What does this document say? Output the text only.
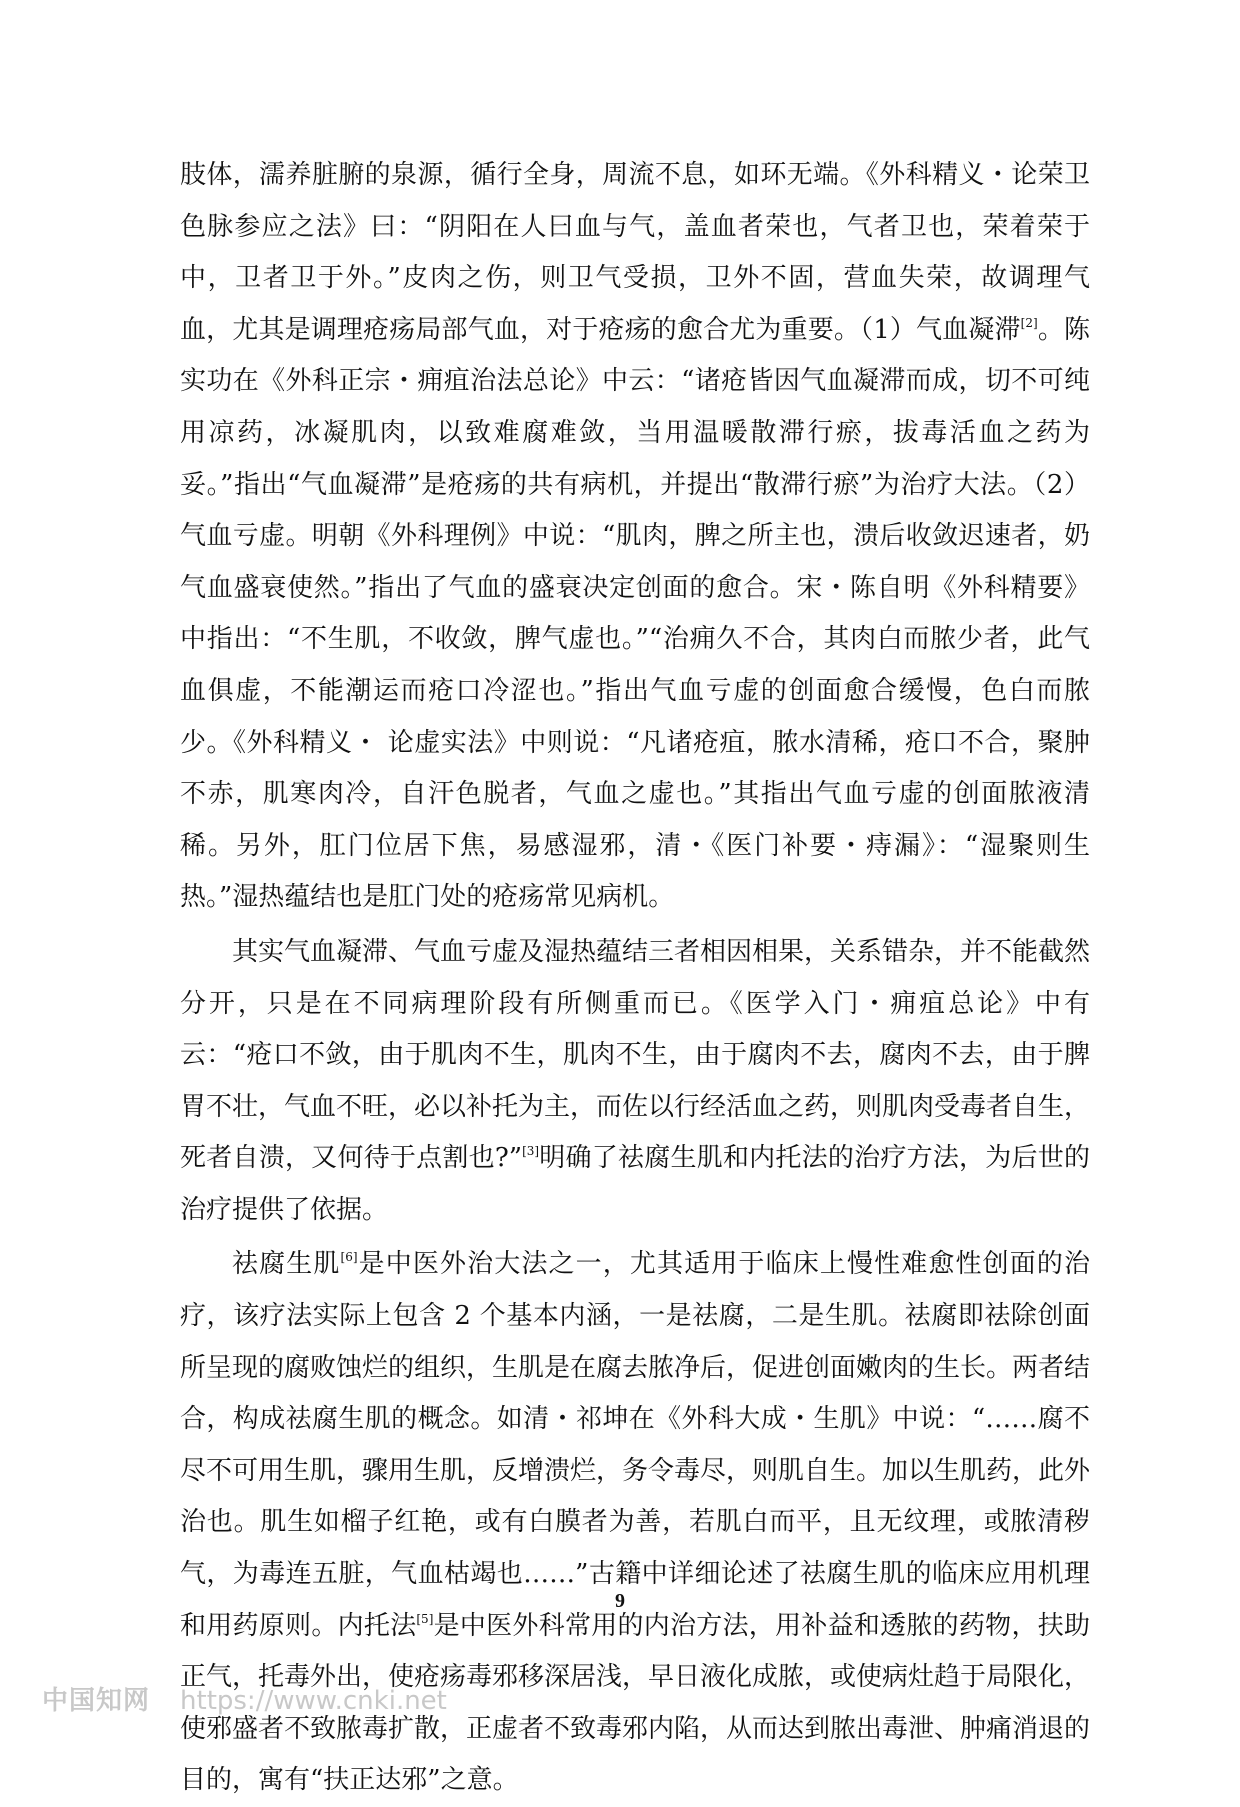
肢体，濡养脏腑的泉源，循行全身，周流不息，如环无端。《外科精义・论荣卫色脉参应之法》曰：“阴阳在人曰血与气，盖血者荣也，气者卫也，荣着荣于中，卫者卫于外。”皮肉之伤，则卫气受损，卫外不固，营血失荣，故调理气血，尤其是调理疮疡局部气血，对于疮疡的愈合尤为重要。（1）气血凝滞[2]。陈实功在《外科正宗・痈疽治法总论》中云：“诸疮皆因气血凝滞而成，切不可纯用凉药，冰凝肌肉，以致难腐难敛，当用温暖散滞行瘀，拔毒活血之药为妥。”指出“气血凝滞”是疮疡的共有病机，并提出“散滞行瘀”为治疗大法。（2）气血亏虚。明朝《外科理例》中说：“肌肉，脾之所主也，溃后收敛迟速者，奶气血盛衰使然。”指出了气血的盛衰决定创面的愈合。宋・陈自明《外科精要》中指出：“不生肌，不收敛，脾气虚也。”“治痈久不合，其肉白而脓少者，此气血俱虚，不能潮运而疮口冷涩也。”指出气血亏虚的创面愈合缓慢，色白而脓少。《外科精义・ 论虚实法》中则说：“凡诸疮疽，脓水清稀，疮口不合，聚肿不赤，肌寒肉冷，自汗色脱者，气血之虚也。”其指出气血亏虚的创面脓液清稀。另外，肛门位居下焦，易感湿邪，清・《医门补要・痔漏》：“湿聚则生热。”湿热蕴结也是肛门处的疮疡常见病机。

其实气血凝滞、气血亏虚及湿热蕴结三者相因相果，关系错杂，并不能截然分开，只是在不同病理阶段有所侧重而已。《医学入门・痈疽总论》中有云：“疮口不敛，由于肌肉不生，肌肉不生，由于腐肉不去，腐肉不去，由于脾胃不壮，气血不旺，必以补托为主，而佐以行经活血之药，则肌肉受毒者自生，死者自溃，又何待于点割也?”[3]明确了祛腐生肌和内托法的治疗方法，为后世的治疗提供了依据。

祛腐生肌[6]是中医外治大法之一，尤其适用于临床上慢性难愈性创面的治疗，该疗法实际上包含 2 个基本内涵，一是祛腐，二是生肌。祛腐即祛除创面所呈现的腐败蚀烂的组织，生肌是在腐去脓净后，促进创面嫩肉的生长。两者结合，构成祛腐生肌的概念。如清・祁坤在《外科大成・生肌》中说：“……腐不尽不可用生肌，骤用生肌，反增溃烂，务令毒尽，则肌自生。加以生肌药，此外治也。肌生如榴子红艳，或有白膜者为善，若肌白而平，且无纹理，或脓清秽气，为毒连五脏，气血枯竭也……”古籍中详细论述了祛腐生肌的临床应用机理和用药原则。内托法[5]是中医外科常用的内治方法，用补益和透脓的药物，扶助正气，托毒外出，使疮疡毒邪移深居浅，早日液化成脓，或使病灶趋于局限化，使邪盛者不致脓毒扩散，正虚者不致毒邪内陷，从而达到脓出毒泄、肿痛消退的目的，寓有“扶正达邪”之意。

9
中国知网 https://www.cnki.net
